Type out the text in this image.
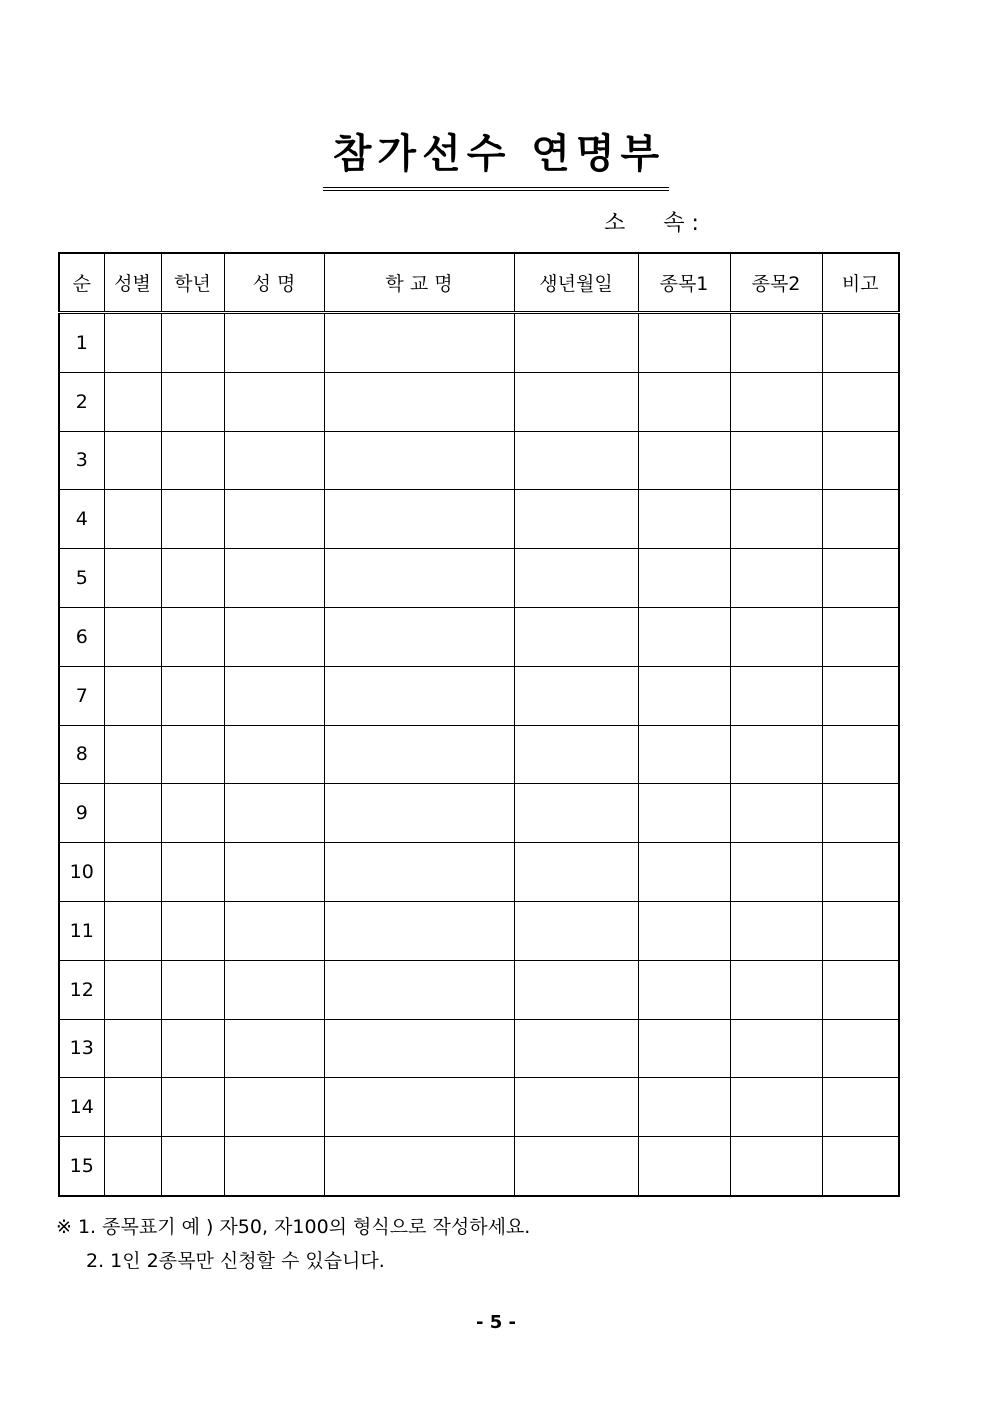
참가선수 연명부
소 속 :
순	성별	학년	성 명	학 교 명	생년월일	종목1	종목2	비고
1								
2								
3								
4								
5								
6								
7								
8								
9								
10								
11								
12								
13								
14								
15								
※ 1. 종목표기 예 ) 자50, 자100의 형식으로 작성하세요.
2. 1인 2종목만 신청할 수 있습니다.
- 5 -
